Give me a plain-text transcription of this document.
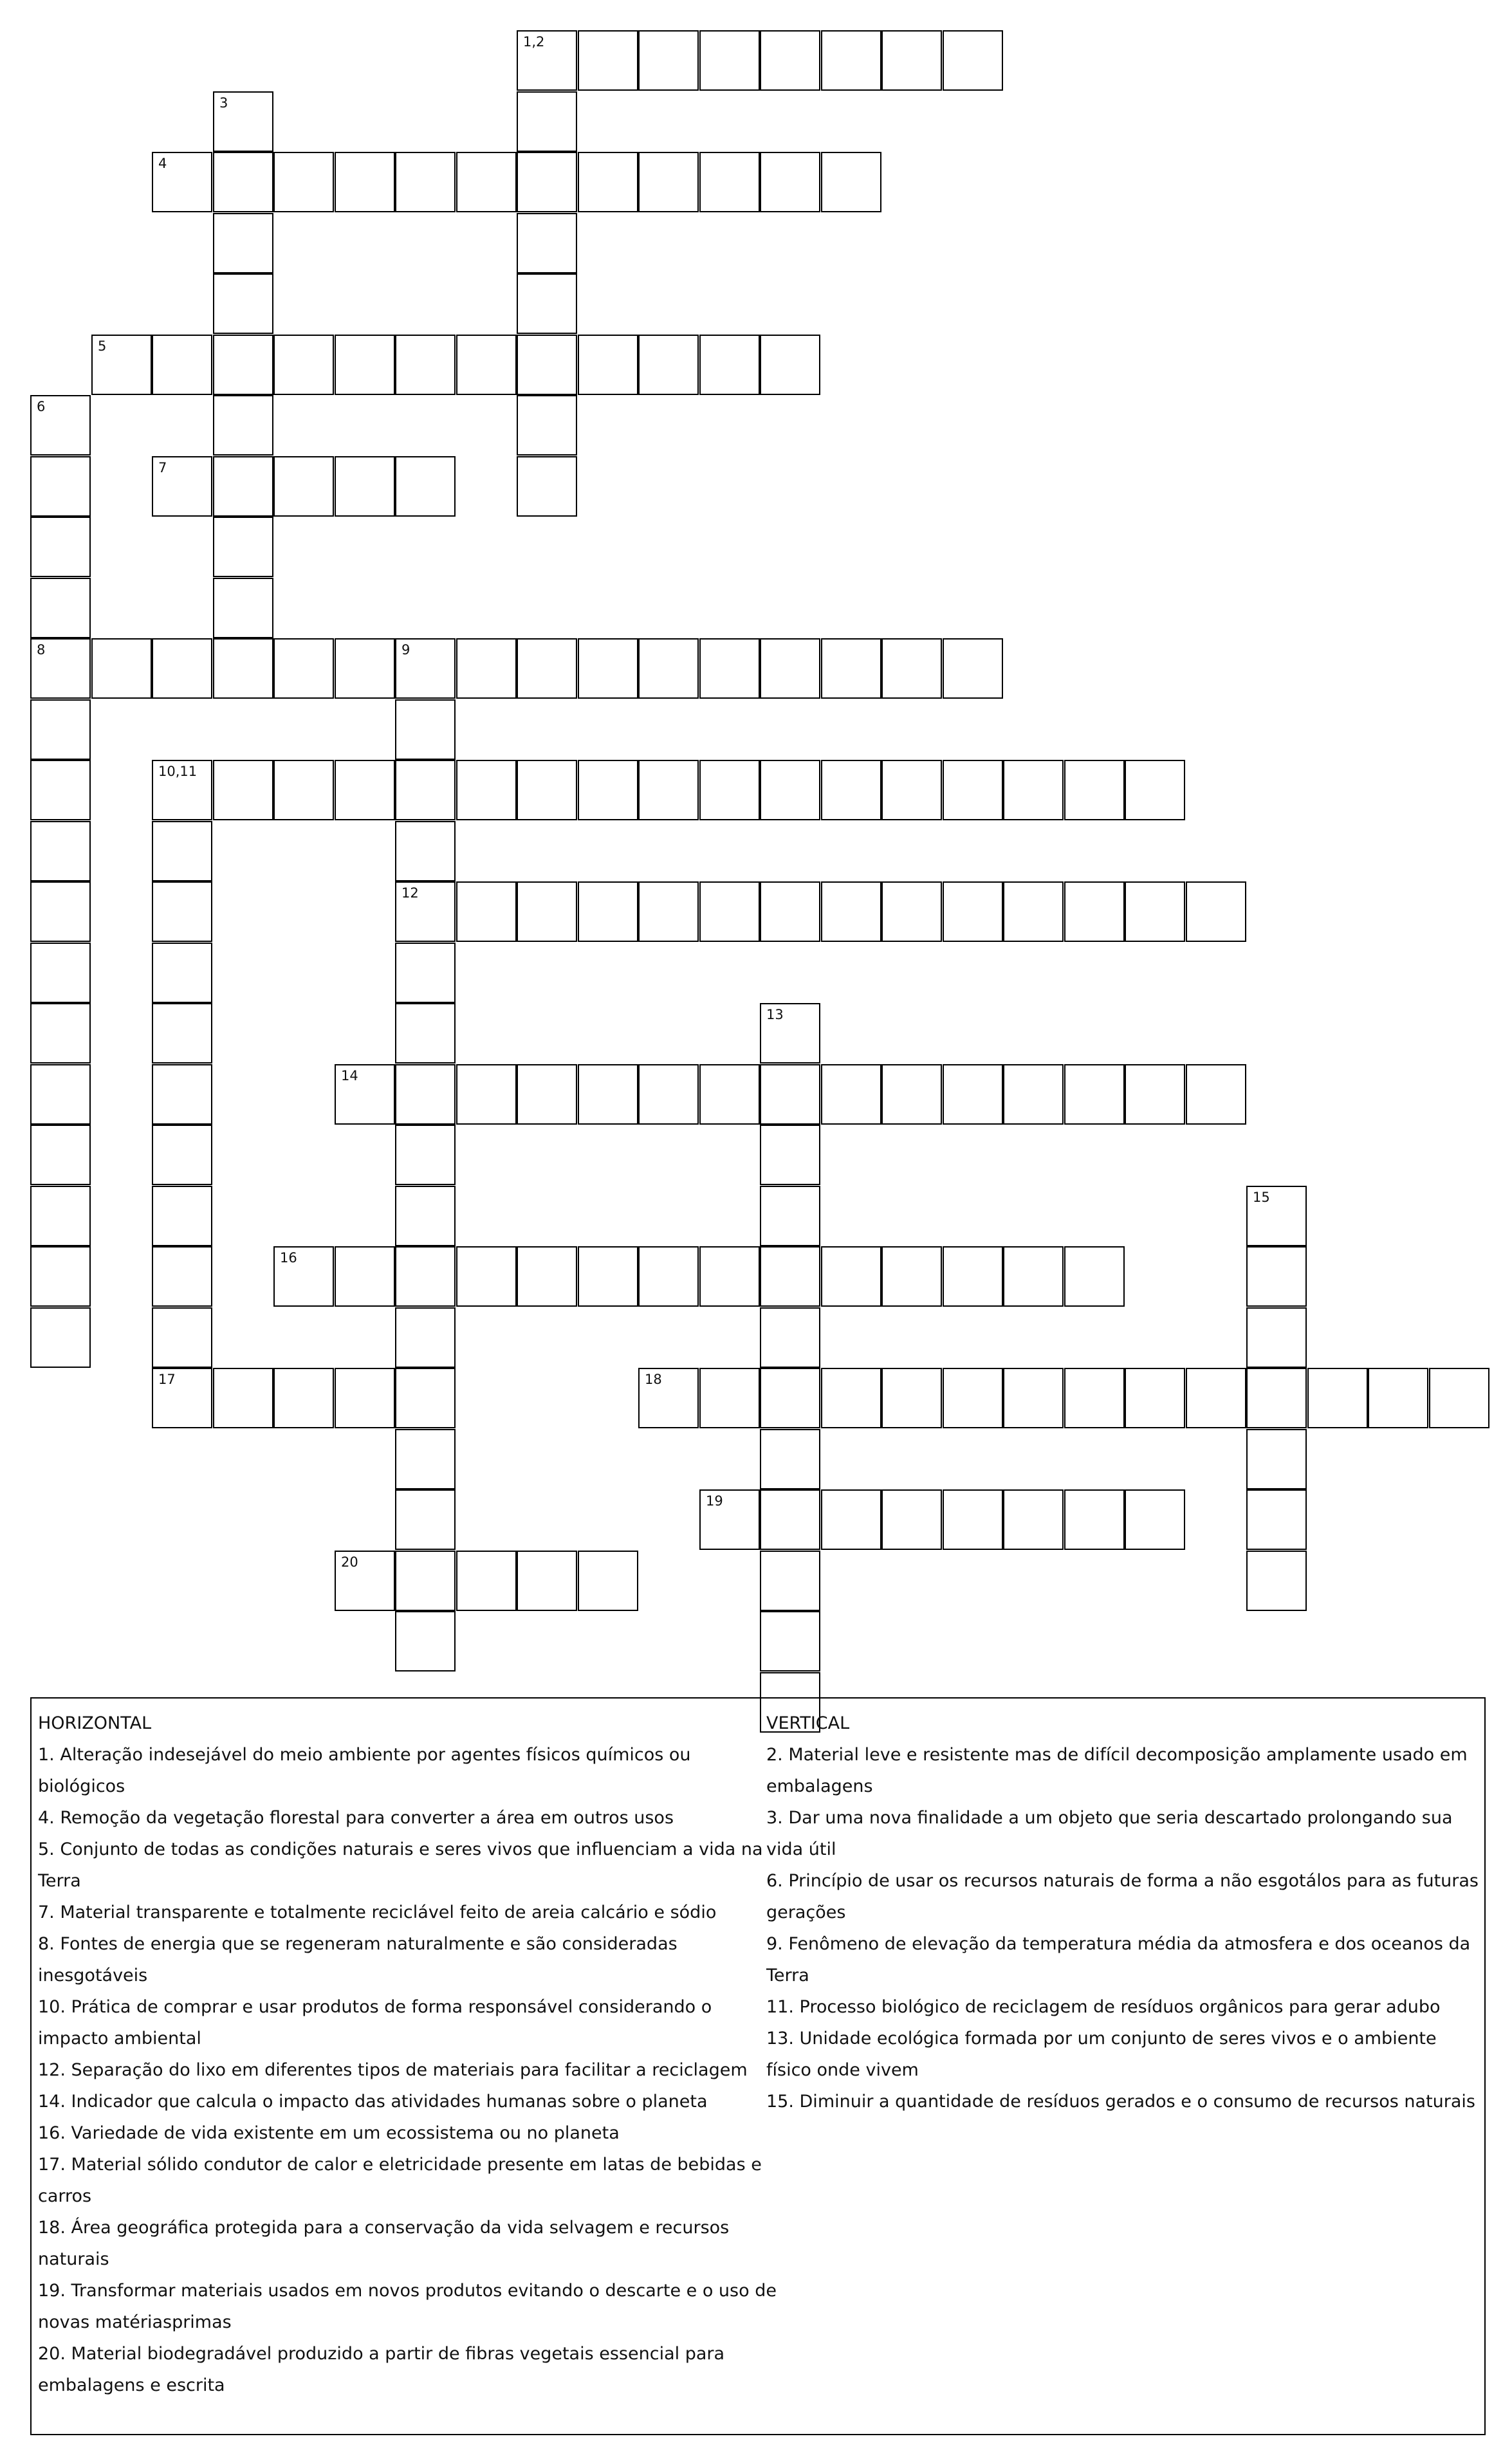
1,2
3
4
5
6
8
7
9
12
10,11
13
14
15
16
17	18
19
20
HORIZONTAL
1. Alteração indesejável do meio ambiente por agentes físicos químicos ou biológicos
4. Remoção da vegetação florestal para converter a área em outros usos
5. Conjunto de todas as condições naturais e seres vivos que influenciam a vida na Terra
7. Material transparente e totalmente reciclável feito de areia calcário e sódio
8. Fontes de energia que se regeneram naturalmente e são consideradas inesgotáveis
10. Prática de comprar e usar produtos de forma responsável considerando o impacto ambiental
12. Separação do lixo em diferentes tipos de materiais para facilitar a reciclagem
14. Indicador que calcula o impacto das atividades humanas sobre o planeta
16. Variedade de vida existente em um ecossistema ou no planeta
17. Material sólido condutor de calor e eletricidade presente em latas de bebidas e carros
18. Área geográfica protegida para a conservação da vida selvagem e recursos naturais
19. Transformar materiais usados em novos produtos evitando o descarte e o uso de novas matériasprimas
20. Material biodegradável produzido a partir de fibras vegetais essencial para embalagens e escrita
VERTICAL
2. Material leve e resistente mas de difícil decomposição amplamente usado em embalagens
3. Dar uma nova finalidade a um objeto que seria descartado prolongando sua vida útil
6. Princípio de usar os recursos naturais de forma a não esgotálos para as futuras gerações
9. Fenômeno de elevação da temperatura média da atmosfera e dos oceanos da Terra
11. Processo biológico de reciclagem de resíduos orgânicos para gerar adubo
13. Unidade ecológica formada por um conjunto de seres vivos e o ambiente físico onde vivem
15. Diminuir a quantidade de resíduos gerados e o consumo de recursos naturais
